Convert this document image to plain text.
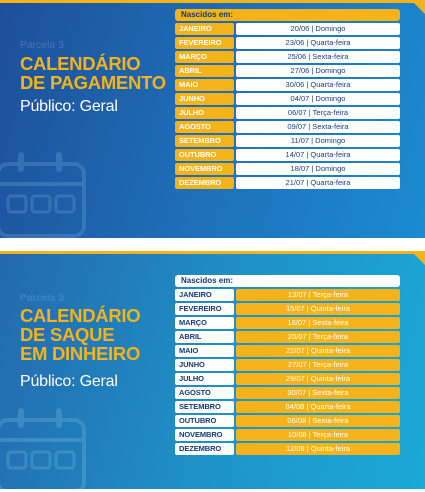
Parcela 3
CALENDÁRIO
DE PAGAMENTO
Público: Geral
Nascidos em:
JANEIRO	20/06 | Domingo
FEVEREIRO	23/06 | Quarta-feira
MARÇO	25/06 | Sexta-feira
ABRIL	27/06 | Domingo
MAIO	30/06 | Quarta-feira
JUNHO	04/07 | Domingo
JULHO	06/07 | Terça-feira
AGOSTO	09/07 | Sexta-feira
SETEMBRO	11/07 | Domingo
OUTUBRO	14/07 | Quarta-feira
NOVEMBRO	18/07 | Domingo
DEZEMBRO	21/07 | Quarta-feira
Parcela 3
CALENDÁRIO
DE SAQUE
EM DINHEIRO
Público: Geral
Nascidos em:
JANEIRO	13/07 | Terça-feira
FEVEREIRO	15/07 | Quinta-feira
MARÇO	16/07 | Sexta-feira
ABRIL	20/07 | Terça-feira
MAIO	22/07 | Quinta-feira
JUNHO	27/07 | Terça-feira
JULHO	29/07 | Quinta-feira
AGOSTO	30/07 | Sexta-feira
SETEMBRO	04/08 | Quarta-feira
OUTUBRO	06/08 | Sexta-feira
NOVEMBRO	10/08 | Terça-feira
DEZEMBRO	12/08 | Quinta-feira
